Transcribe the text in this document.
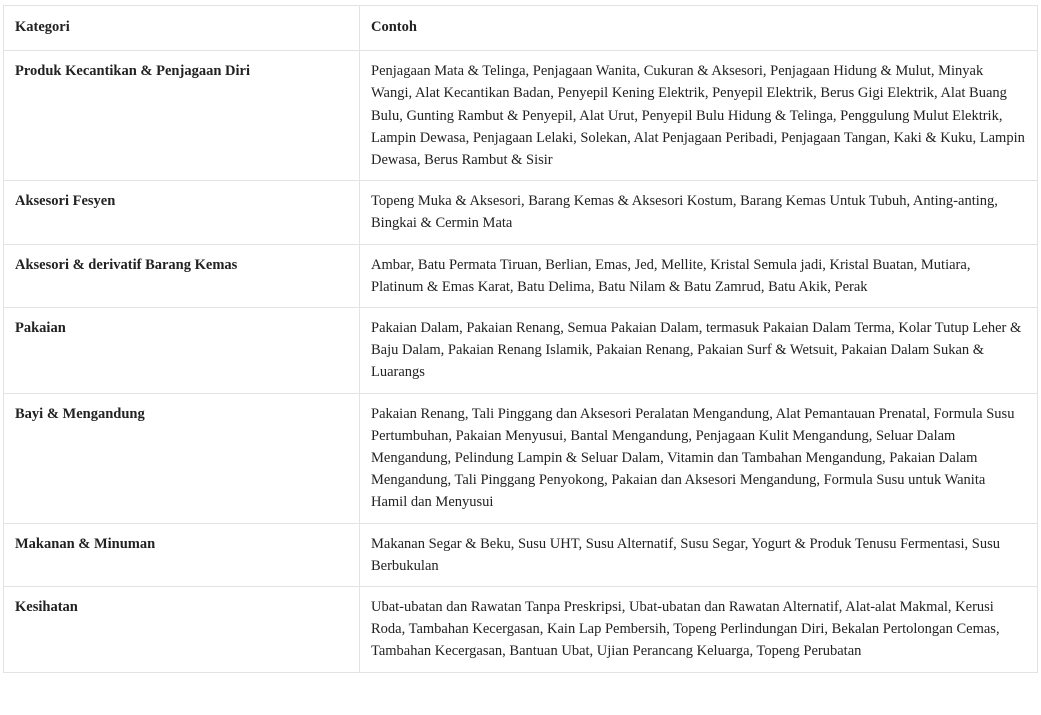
Kategori	Contoh
Produk Kecantikan & Penjagaan Diri	Penjagaan Mata & Telinga, Penjagaan Wanita, Cukuran & Aksesori, Penjagaan Hidung & Mulut, Minyak Wangi, Alat Kecantikan Badan, Penyepil Kening Elektrik, Penyepil Elektrik, Berus Gigi Elektrik, Alat Buang Bulu, Gunting Rambut & Penyepil, Alat Urut, Penyepil Bulu Hidung & Telinga, Penggulung Mulut Elektrik, Lampin Dewasa, Penjagaan Lelaki, Solekan, Alat Penjagaan Peribadi, Penjagaan Tangan, Kaki & Kuku, Lampin Dewasa, Berus Rambut & Sisir
Aksesori Fesyen	Topeng Muka & Aksesori, Barang Kemas & Aksesori Kostum, Barang Kemas Untuk Tubuh, Anting-anting, Bingkai & Cermin Mata
Aksesori & derivatif Barang Kemas	Ambar, Batu Permata Tiruan, Berlian, Emas, Jed, Mellite, Kristal Semula jadi, Kristal Buatan, Mutiara, Platinum & Emas Karat, Batu Delima, Batu Nilam & Batu Zamrud, Batu Akik, Perak
Pakaian	Pakaian Dalam, Pakaian Renang, Semua Pakaian Dalam, termasuk Pakaian Dalam Terma, Kolar Tutup Leher & Baju Dalam, Pakaian Renang Islamik, Pakaian Renang, Pakaian Surf & Wetsuit, Pakaian Dalam Sukan & Luarangs
Bayi & Mengandung	Pakaian Renang, Tali Pinggang dan Aksesori Peralatan Mengandung, Alat Pemantauan Prenatal, Formula Susu Pertumbuhan, Pakaian Menyusui, Bantal Mengandung, Penjagaan Kulit Mengandung, Seluar Dalam Mengandung, Pelindung Lampin & Seluar Dalam, Vitamin dan Tambahan Mengandung, Pakaian Dalam Mengandung, Tali Pinggang Penyokong, Pakaian dan Aksesori Mengandung, Formula Susu untuk Wanita Hamil dan Menyusui
Makanan & Minuman	Makanan Segar & Beku, Susu UHT, Susu Alternatif, Susu Segar, Yogurt & Produk Tenusu Fermentasi, Susu Berbukulan
Kesihatan	Ubat-ubatan dan Rawatan Tanpa Preskripsi, Ubat-ubatan dan Rawatan Alternatif, Alat-alat Makmal, Kerusi Roda, Tambahan Kecergasan, Kain Lap Pembersih, Topeng Perlindungan Diri, Bekalan Pertolongan Cemas, Tambahan Kecergasan, Bantuan Ubat, Ujian Perancang Keluarga, Topeng Perubatan
